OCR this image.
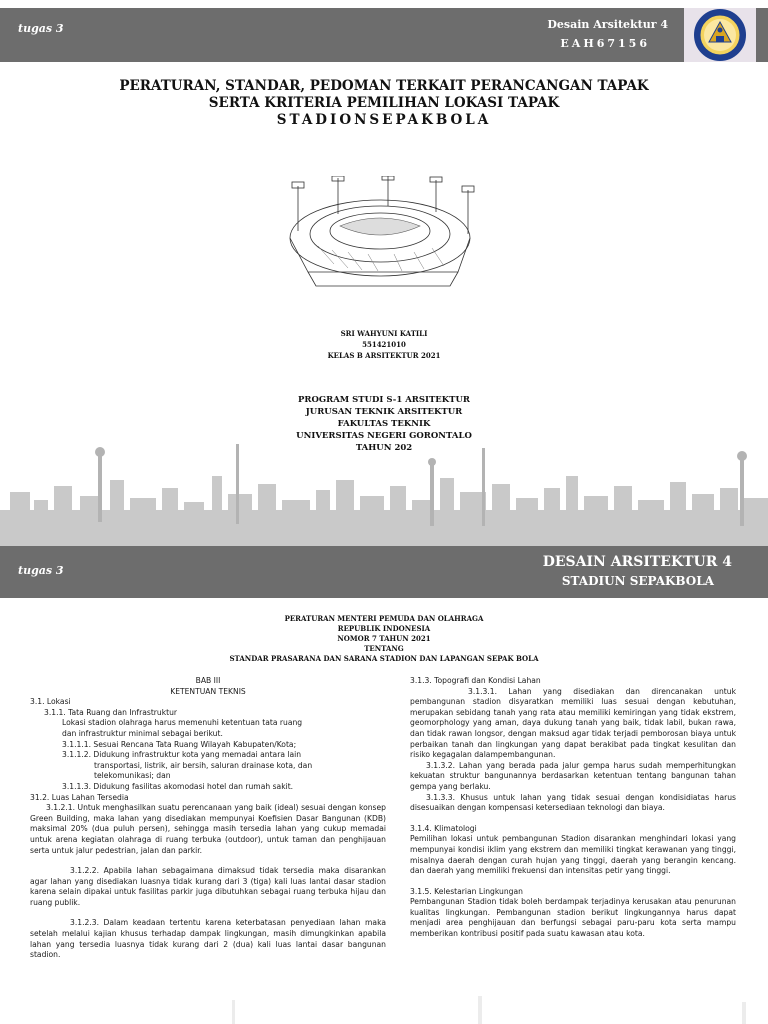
tugas 3	Desain Arsitektur 4
EAH67156
PERATURAN, STANDAR, PEDOMAN TERKAIT PERANCANGAN TAPAK
SERTA KRITERIA PEMILIHAN LOKASI TAPAK
STADIONSEPAKBOLA
SRI WAHYUNI KATILI
551421010
KELAS B ARSITEKTUR 2021
PROGRAM STUDI S-1 ARSITEKTUR
JURUSAN TEKNIK ARSITEKTUR
FAKULTAS TEKNIK
UNIVERSITAS NEGERI GORONTALO
TAHUN 202
tugas 3
DESAIN ARSITEKTUR 4
STADIUN SEPAKBOLA
PERATURAN MENTERI PEMUDA DAN OLAHRAGA
REPUBLIK INDONESIA
NOMOR 7 TAHUN 2021
TENTANG
STANDAR PRASARANA DAN SARANA STADION DAN LAPANGAN SEPAK BOLA

BAB III

KETENTUAN TEKNIS

3.1. Lokasi

3.1.1. Tata Ruang dan Infrastruktur

Lokasi stadion olahraga harus memenuhi ketentuan tata ruang

dan infrastruktur minimal sebagai berikut.

3.1.1.1. Sesuai Rencana Tata Ruang Wilayah Kabupaten/Kota;

3.1.1.2. Didukung infrastruktur kota yang memadai antara lain

transportasi, listrik, air bersih, saluran drainase kota, dan

telekomunikasi; dan

3.1.1.3. Didukung fasilitas akomodasi hotel dan rumah sakit.

31.2. Luas Lahan Tersedia

3.1.2.1. Untuk menghasilkan suatu perencanaan yang baik (ideal) sesuai dengan konsep Green Building, maka lahan yang disediakan mempunyai Koefisien Dasar Bangunan (KDB) maksimal 20% (dua puluh persen), sehingga masih tersedia lahan yang cukup memadai untuk arena kegiatan olahraga di ruang terbuka (outdoor), untuk taman dan penghijauan serta untuk jalur pedestrian, jalan dan parkir.

3.1.2.2. Apabila lahan sebagaimana dimaksud tidak tersedia maka disarankan agar lahan yang disediakan luasnya tidak kurang dari 3 (tiga) kali luas lantai dasar stadion karena selain dipakai untuk fasilitas parkir juga dibutuhkan sebagai ruang terbuka hijau dan ruang publik.

3.1.2.3. Dalam keadaan tertentu karena keterbatasan penyediaan lahan maka setelah melalui kajian khusus terhadap dampak lingkungan, masih dimungkinkan apabila lahan yang tersedia luasnya tidak kurang dari 2 (dua) kali luas lantai dasar bangunan stadion.

3.1.3. Topografi dan Kondisi Lahan

3.1.3.1. Lahan yang disediakan dan direncanakan untuk pembangunan stadion disyaratkan memiliki luas sesuai dengan kebutuhan, merupakan sebidang tanah yang rata atau memiliki kemiringan yang tidak ekstrem, geomorphology yang aman, daya dukung tanah yang baik, tidak labil, bukan rawa, dan tidak rawan longsor, dengan maksud agar tidak terjadi pemborosan biaya untuk perbaikan tanah dan lingkungan yang dapat berakibat pada tingkat kesulitan dan risiko kegagalan dalampembangunan.

3.1.3.2. Lahan yang berada pada jalur gempa harus sudah memperhitungkan kekuatan struktur bangunannya berdasarkan ketentuan tentang bangunan tahan gempa yang berlaku.

3.1.3.3. Khusus untuk lahan yang tidak sesuai dengan kondisidiatas harus disesuaikan dengan kompensasi ketersediaan teknologi dan biaya.

3.1.4. Klimatologi

Pemilihan lokasi untuk pembangunan Stadion disarankan menghindari lokasi yang mempunyai kondisi iklim yang ekstrem dan memiliki tingkat kerawanan yang tinggi, misalnya daerah dengan curah hujan yang tinggi, daerah yang berangin kencang. dan daerah yang memiliki frekuensi dan intensitas petir yang tinggi.

3.1.5. Kelestarian Lingkungan

Pembangunan Stadion tidak boleh berdampak terjadinya kerusakan atau penurunan kualitas lingkungan. Pembangunan stadion berikut lingkungannya harus dapat menjadi area penghijauan dan berfungsi sebagai paru-paru kota serta mampu memberikan kontribusi positif pada suatu kawasan atau kota.
